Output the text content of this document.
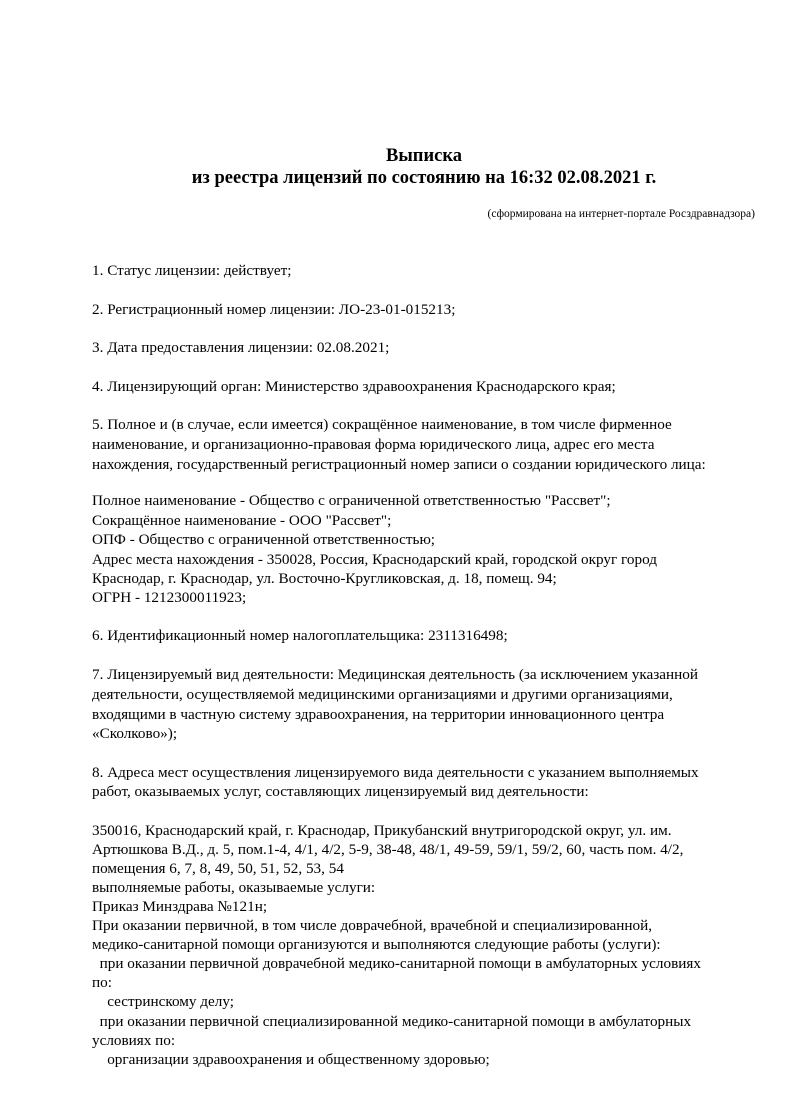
Выписка
из реестра лицензий по состоянию на 16:32 02.08.2021 г.
(сформирована на интернет-портале Росздравнадзора)
1. Статус лицензии: действует;
2. Регистрационный номер лицензии: ЛО-23-01-015213;
3. Дата предоставления лицензии: 02.08.2021;
4. Лицензирующий орган: Министерство здравоохранения Краснодарского края;
5. Полное и (в случае, если имеется) сокращённое наименование, в том числе фирменное
наименование, и организационно-правовая форма юридического лица, адрес его места
нахождения, государственный регистрационный номер записи о создании юридического лица:
Полное наименование - Общество с ограниченной ответственностью "Рассвет";
Сокращённое наименование - ООО "Рассвет";
ОПФ - Общество с ограниченной ответственностью;
Адрес места нахождения - 350028, Россия, Краснодарский край, городской округ город
Краснодар, г. Краснодар, ул. Восточно-Кругликовская, д. 18, помещ. 94;
ОГРН - 1212300011923;
6. Идентификационный номер налогоплательщика: 2311316498;
7. Лицензируемый вид деятельности: Медицинская деятельность (за исключением указанной
деятельности, осуществляемой медицинскими организациями и другими организациями,
входящими в частную систему здравоохранения, на территории инновационного центра
«Сколково»);
8. Адреса мест осуществления лицензируемого вида деятельности с указанием выполняемых
работ, оказываемых услуг, составляющих лицензируемый вид деятельности:
350016, Краснодарский край, г. Краснодар, Прикубанский внутригородской округ, ул. им.
Артюшкова В.Д., д. 5, пом.1-4, 4/1, 4/2, 5-9, 38-48, 48/1, 49-59, 59/1, 59/2, 60, часть пом. 4/2,
помещения 6, 7, 8, 49, 50, 51, 52, 53, 54
выполняемые работы, оказываемые услуги:
Приказ Минздрава №121н;
При оказании первичной, в том числе доврачебной, врачебной и специализированной,
медико-санитарной помощи организуются и выполняются следующие работы (услуги):
при оказании первичной доврачебной медико-санитарной помощи в амбулаторных условиях
по:
сестринскому делу;
при оказании первичной специализированной медико-санитарной помощи в амбулаторных
условиях по:
организации здравоохранения и общественному здоровью;
